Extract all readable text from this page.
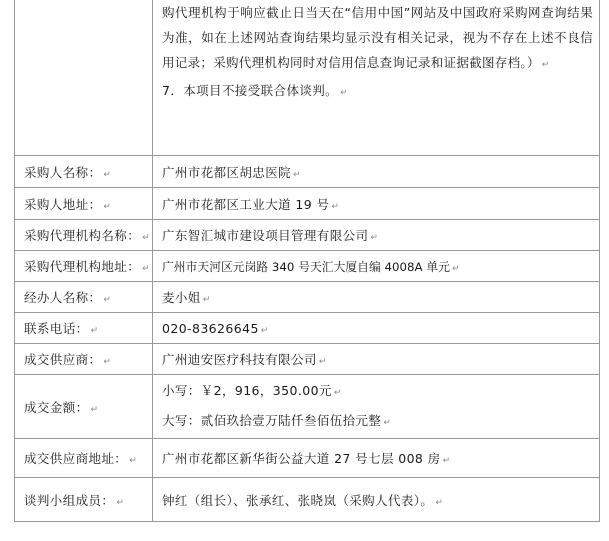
	购代理机构于响应截止日当天在“信用中国”网站及中国政府采购网查询结果为准，如在上述网站查询结果均显示没有相关记录，视为不存在上述不良信用记录；采购代理机构同时对信用信息查询记录和证据截图存档。） ↵
7．本项目不接受联合体谈判。 ↵

采购人名称： ↵	广州市花都区胡忠医院 ↵
采购人地址： ↵	广州市花都区工业大道 19 号 ↵
采购代理机构名称： ↵	广东智汇城市建设项目管理有限公司 ↵
采购代理机构地址： ↵	广州市天河区元岗路 340 号天汇大厦自编 4008A 单元 ↵
经办人名称： ↵	麦小姐 ↵
联系电话： ↵	020-83626645 ↵
成交供应商： ↵	广州迪安医疗科技有限公司 ↵
成交金额： ↵	小写：￥2，916，350.00元 ↵
大写：贰佰玖拾壹万陆仟叁佰伍拾元整 ↵

成交供应商地址： ↵	广州市花都区新华街公益大道 27 号七层 008 房 ↵
谈判小组成员： ↵	钟红（组长）、张承红、张晓岚（采购人代表）。 ↵
